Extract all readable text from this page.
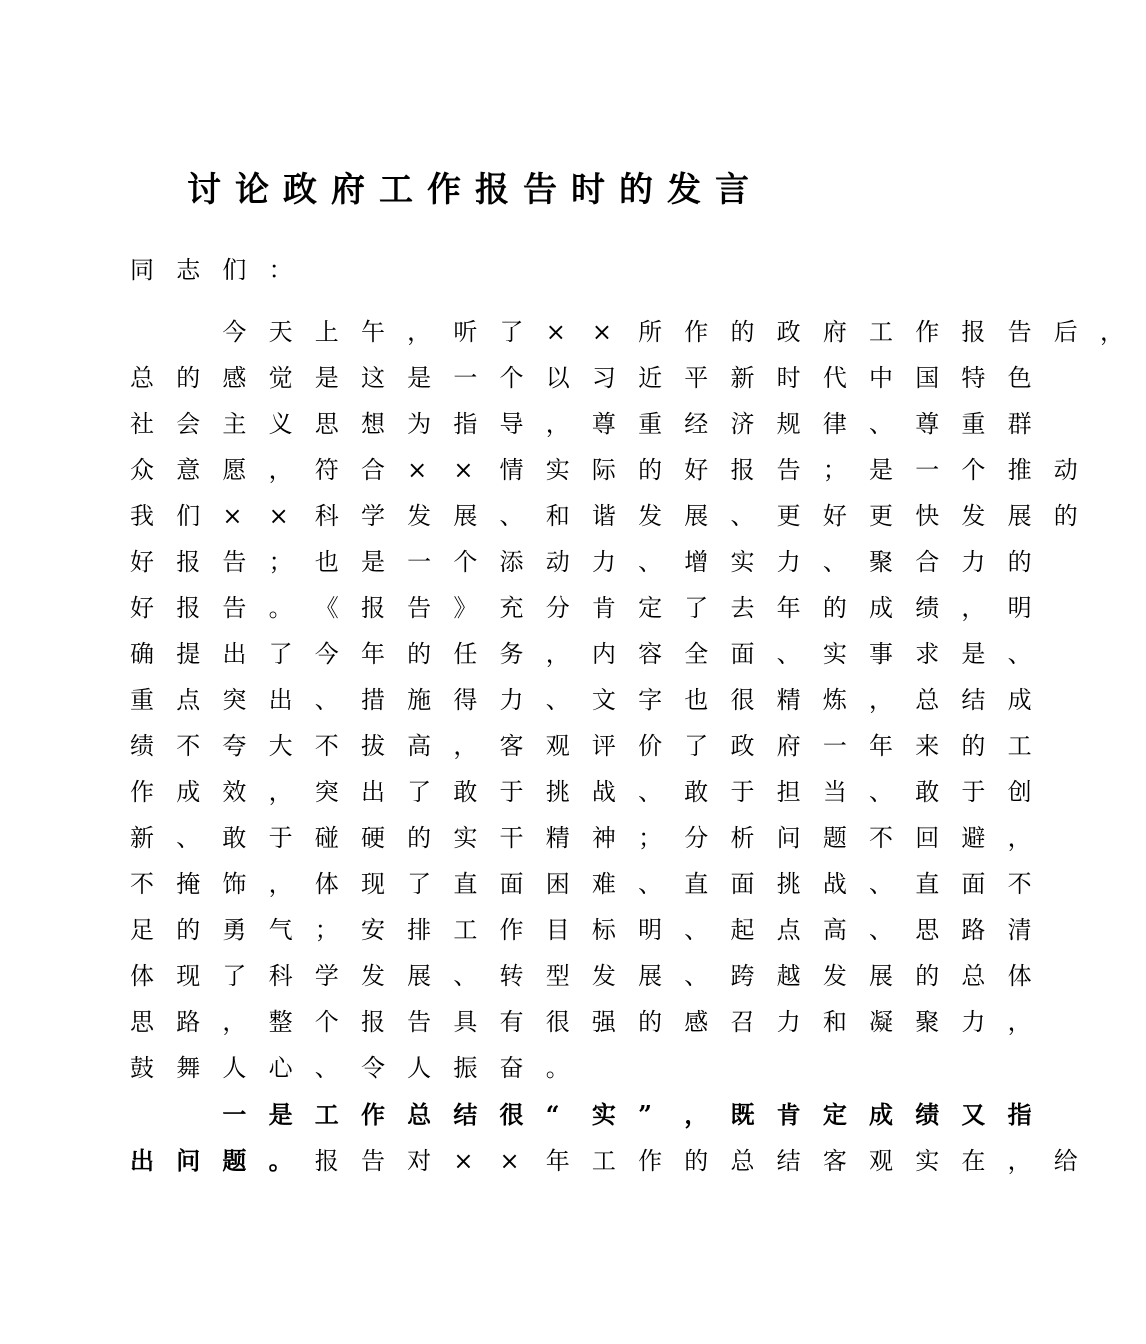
讨论政府工作报告时的发言
同 志 们 ：
今 天 上 午 ， 听 了 × × 所 作 的 政 府 工 作 报 告 后 ，
总 的 感 觉 是 这 是 一 个 以 习 近 平 新 时 代 中 国 特 色
社 会 主 义 思 想 为 指 导 ， 尊 重 经 济 规 律 、 尊 重 群
众 意 愿 ， 符 合 × × 情 实 际 的 好 报 告 ； 是 一 个 推 动
我 们 × × 科 学 发 展 、 和 谐 发 展 、 更 好 更 快 发 展 的
好 报 告 ； 也 是 一 个 添 动 力 、 增 实 力 、 聚 合 力 的
好 报 告 。 《 报 告 》 充 分 肯 定 了 去 年 的 成 绩 ， 明
确 提 出 了 今 年 的 任 务 ， 内 容 全 面 、 实 事 求 是 、
重 点 突 出 、 措 施 得 力 、 文 字 也 很 精 炼 ， 总 结 成
绩 不 夸 大 不 拔 高 ， 客 观 评 价 了 政 府 一 年 来 的 工
作 成 效 ， 突 出 了 敢 于 挑 战 、 敢 于 担 当 、 敢 于 创
新 、 敢 于 碰 硬 的 实 干 精 神 ； 分 析 问 题 不 回 避 ，
不 掩 饰 ， 体 现 了 直 面 困 难 、 直 面 挑 战 、 直 面 不
足 的 勇 气 ； 安 排 工 作 目 标 明 、 起 点 高 、 思 路 清
体 现 了 科 学 发 展 、 转 型 发 展 、 跨 越 发 展 的 总 体
思 路 ， 整 个 报 告 具 有 很 强 的 感 召 力 和 凝 聚 力 ，
鼓 舞 人 心 、 令 人 振 奋 。
一 是 工 作 总 结 很 “ 实 ” ， 既 肯 定 成 绩 又 指
出 问 题 。 报 告 对 × × 年 工 作 的 总 结 客 观 实 在 ， 给
